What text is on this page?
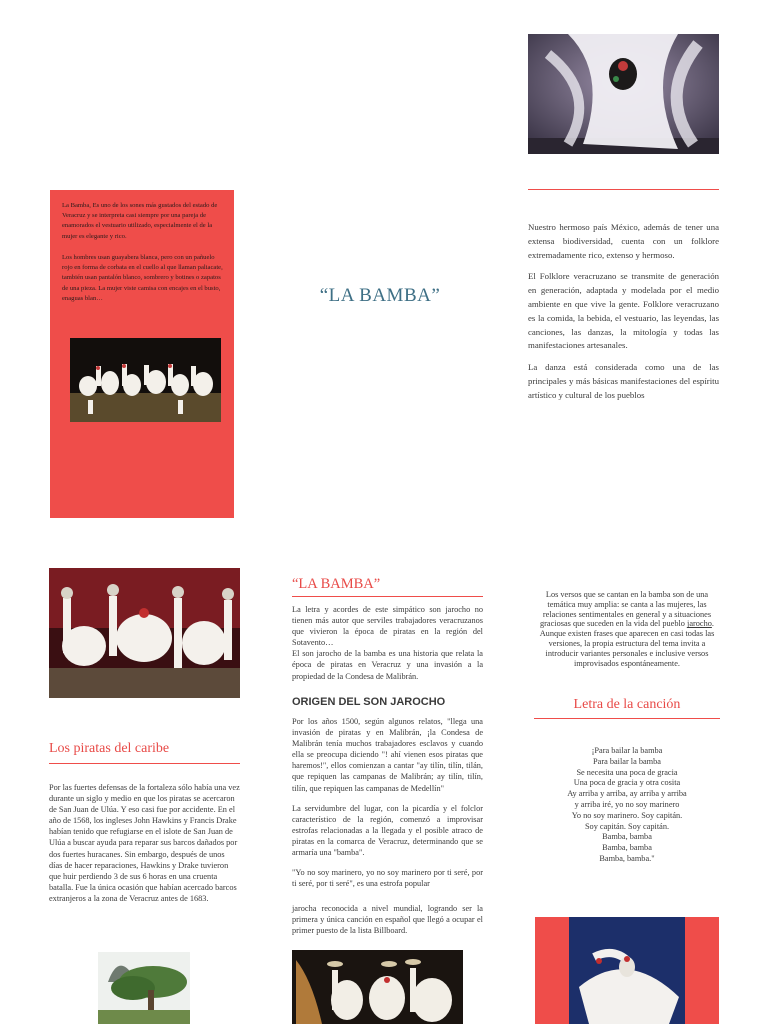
La Bamba, Es uno de los sones más gustados del estado de Veracruz y se interpreta casi siempre por una pareja de enamorados el vestuario utilizado, especialmente el de la mujer es elegante y rico.

Los hombres usan guayabera blanca, pero con un pañuelo rojo en forma de corbata en el cuello al que llaman paliacate, también usan pantalón blanco, sombrero y botines o zapatos de una pieza. La mujer viste camisa con encajes en el busto, enaguas blan…	“LA BAMBA”

Nuestro hermoso país México, además de tener una extensa biodiversidad, cuenta con un folklore extremadamente rico, extenso y hermoso.

El Folklore veracruzano se transmite de generación en generación, adaptada y modelada por el medio ambiente en que vive la gente. Folklore veracruzano es la comida, la bebida, el vestuario, las leyendas, las canciones, las danzas, la mitología y todas las manifestaciones artesanales.

La danza está considerada como una de las principales y más básicas manifestaciones del espíritu artístico y cultural de los pueblos

Los piratas del caribe

Por las fuertes defensas de la fortaleza sólo había una vez durante un siglo y medio en que los piratas se acercaron de San Juan de Ulúa. Y eso casi fue por accidente. En el año de 1568, los ingleses John Hawkins y Francis Drake habían tenido que refugiarse en el islote de San Juan de Ulúa a buscar ayuda para reparar sus barcos dañados por dos fuertes huracanes. Sin embargo, después de unos días de hacer reparaciones, Hawkins y Drake tuvieron que huir perdiendo 3 de sus 6 horas en una cruenta batalla. Fue la única ocasión que habían acercado barcos extranjeros a la zona de Veracruz antes de 1683.

“LA BAMBA”

La letra y acordes de este simpático son jarocho no tienen más autor que serviles trabajadores veracruzanos que vivieron la época de piratas en la región del Sotavento…

El son jarocho de la bamba es una historia que relata la época de piratas en Veracruz y una invasión a la propiedad de la Condesa de Malibrán.

ORIGEN DEL SON JAROCHO

Por los años 1500, según algunos relatos, "llega una invasión de piratas y en Malibrán, ¡la Condesa de Malibrán tenía muchos trabajadores esclavos y cuando ella se preocupa diciendo "! ahí vienen esos piratas que haremos!", ellos comienzan a cantar "ay tilín, tilín, tilán, que repiquen las campanas de Malibrán; ay tilín, tilín, tilín, que repiquen las campanas de Medellín"

La servidumbre del lugar, con la picardía y el folclor característico de la región, comenzó a improvisar estrofas relacionadas a la llegada y el posible atraco de piratas en la comarca de Veracruz, determinando que se armaría una "bamba".

"Yo no soy marinero, yo no soy marinero por ti seré, por ti seré, por ti seré", es una estrofa popular

jarocha reconocida a nivel mundial, logrando ser la primera y única canción en español que llegó a ocupar el primer puesto de la lista Billboard.

Los versos que se cantan en la bamba son de una temática muy amplia: se canta a las mujeres, las relaciones sentimentales en general y a situaciones graciosas que suceden en la vida del pueblo jarocho. Aunque existen frases que aparecen en casi todas las versiones, la propia estructura del tema invita a introducir variantes personales e inclusive versos improvisados espontáneamente.

Letra de la canción
¡Para bailar la bamba
Para bailar la bamba
Se necesita una poca de gracia
Una poca de gracia y otra cosita
Ay arriba y arriba, ay arriba y arriba
y arriba iré, yo no soy marinero
Yo no soy marinero. Soy capitán.
Soy capitán. Soy capitán.
Bamba, bamba
Bamba, bamba
Bamba, bamba."
